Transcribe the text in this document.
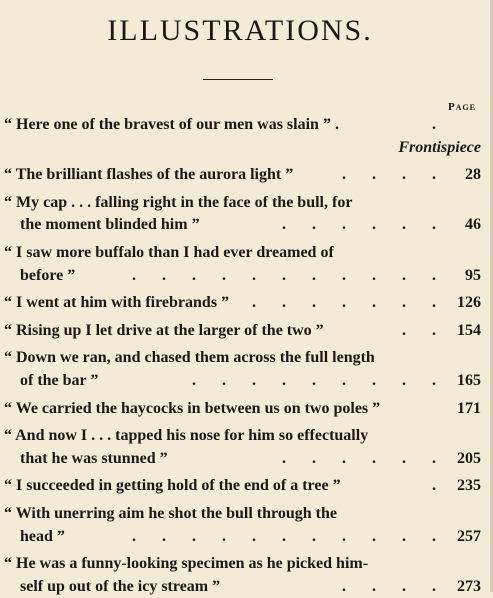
ILLUSTRATIONS.
Page
“ Here one of the bravest of our men was slain ” .	.
Frontispiece
“ The brilliant flashes of the aurora light ”	. . . .	28
“ My cap . . . falling right in the face of the bull, for
the moment blinded him ”	. . . . . .	46
“ I saw more buffalo than I had ever dreamed of
before ”	. . . . . . . . . . .	95
“ I went at him with firebrands ”	. . . . . . . 126
“ Rising up I let drive at the larger of the two ”	. . 154
“ Down we ran, and chased them across the full length
of the bar ”	. . . . . . . . . 165
“ We carried the haycocks in between us on two poles ”	171
“ And now I . . . tapped his nose for him so effectually
that he was stunned ”	. . . . . . 205
“ I succeeded in getting hold of the end of a tree ”	. 235
“ With unerring aim he shot the bull through the
head ”	. . . . . . . . . . . 257
“ He was a funny-looking specimen as he picked him-
self up out of the icy stream ”	. . . . 273
